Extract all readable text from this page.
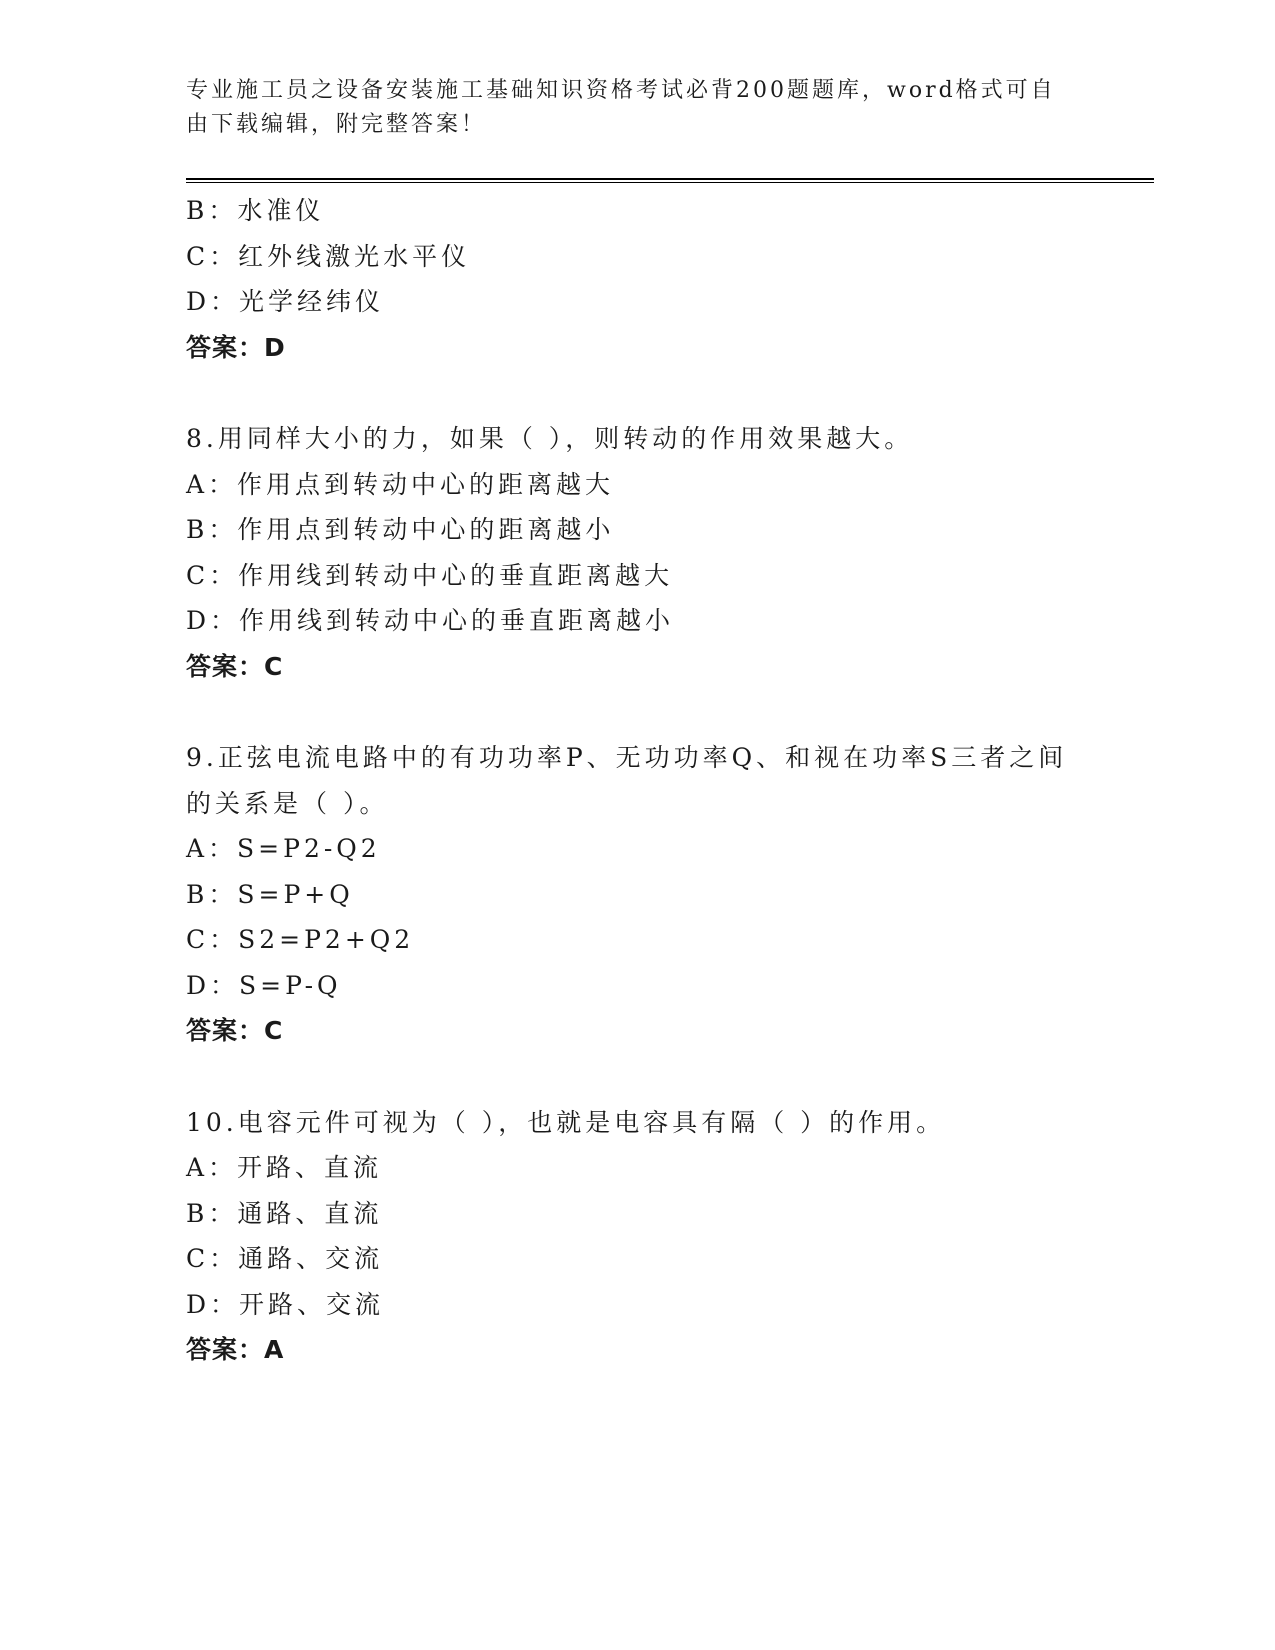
专业施工员之设备安装施工基础知识资格考试必背200题题库，word格式可自由下载编辑，附完整答案！
B：水准仪
C：红外线激光水平仪
D：光学经纬仪
答案：D
8.用同样大小的力，如果（ ），则转动的作用效果越大。
A：作用点到转动中心的距离越大
B：作用点到转动中心的距离越小
C：作用线到转动中心的垂直距离越大
D：作用线到转动中心的垂直距离越小
答案：C
9.正弦电流电路中的有功功率P、无功功率Q、和视在功率S三者之间的关系是（ ）。
A：S=P2-Q2
B：S=P+Q
C：S2=P2+Q2
D：S=P-Q
答案：C
10.电容元件可视为（ ），也就是电容具有隔（ ）的作用。
A：开路、直流
B：通路、直流
C：通路、交流
D：开路、交流
答案：A
